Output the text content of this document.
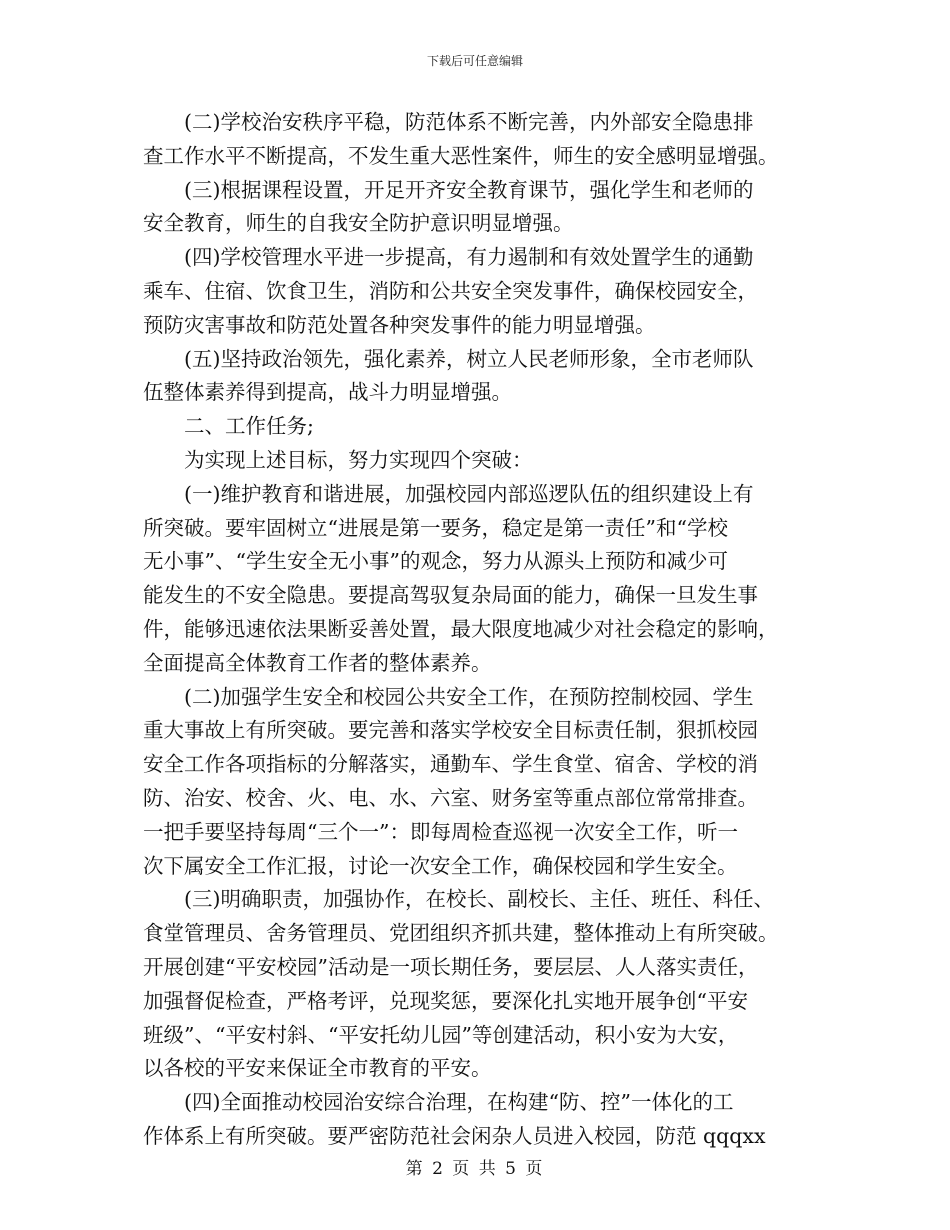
下载后可任意编辑

(二)学校治安秩序平稳，防范体系不断完善，内外部安全隐患排
查工作水平不断提高，不发生重大恶性案件，师生的安全感明显增强。

(三)根据课程设置，开足开齐安全教育课节，强化学生和老师的
安全教育，师生的自我安全防护意识明显增强。

(四)学校管理水平进一步提高，有力遏制和有效处置学生的通勤
乘车、住宿、饮食卫生，消防和公共安全突发事件，确保校园安全，
预防灾害事故和防范处置各种突发事件的能力明显增强。

(五)坚持政治领先，强化素养，树立人民老师形象，全市老师队
伍整体素养得到提高，战斗力明显增强。

二、工作任务;

为实现上述目标，努力实现四个突破：

(一)维护教育和谐进展，加强校园内部巡逻队伍的组织建设上有
所突破。要牢固树立“进展是第一要务，稳定是第一责任”和“学校
无小事”、“学生安全无小事”的观念，努力从源头上预防和减少可
能发生的不安全隐患。要提高驾驭复杂局面的能力，确保一旦发生事
件，能够迅速依法果断妥善处置，最大限度地减少对社会稳定的影响，
全面提高全体教育工作者的整体素养。

(二)加强学生安全和校园公共安全工作，在预防控制校园、学生
重大事故上有所突破。要完善和落实学校安全目标责任制，狠抓校园
安全工作各项指标的分解落实，通勤车、学生食堂、宿舍、学校的消
防、治安、校舍、火、电、水、六室、财务室等重点部位常常排查。
一把手要坚持每周“三个一”：即每周检查巡视一次安全工作，听一
次下属安全工作汇报，讨论一次安全工作，确保校园和学生安全。

(三)明确职责，加强协作，在校长、副校长、主任、班任、科任、
食堂管理员、舍务管理员、党团组织齐抓共建，整体推动上有所突破。
开展创建“平安校园”活动是一项长期任务，要层层、人人落实责任，
加强督促检查，严格考评，兑现奖惩，要深化扎实地开展争创“平安
班级”、“平安村斜、“平安托幼儿园”等创建活动，积小安为大安，
以各校的平安来保证全市教育的平安。

(四)全面推动校园治安综合治理，在构建“防、控”一体化的工
作体系上有所突破。要严密防范社会闲杂人员进入校园，防范 qqqxx

第 2 页 共 5 页
